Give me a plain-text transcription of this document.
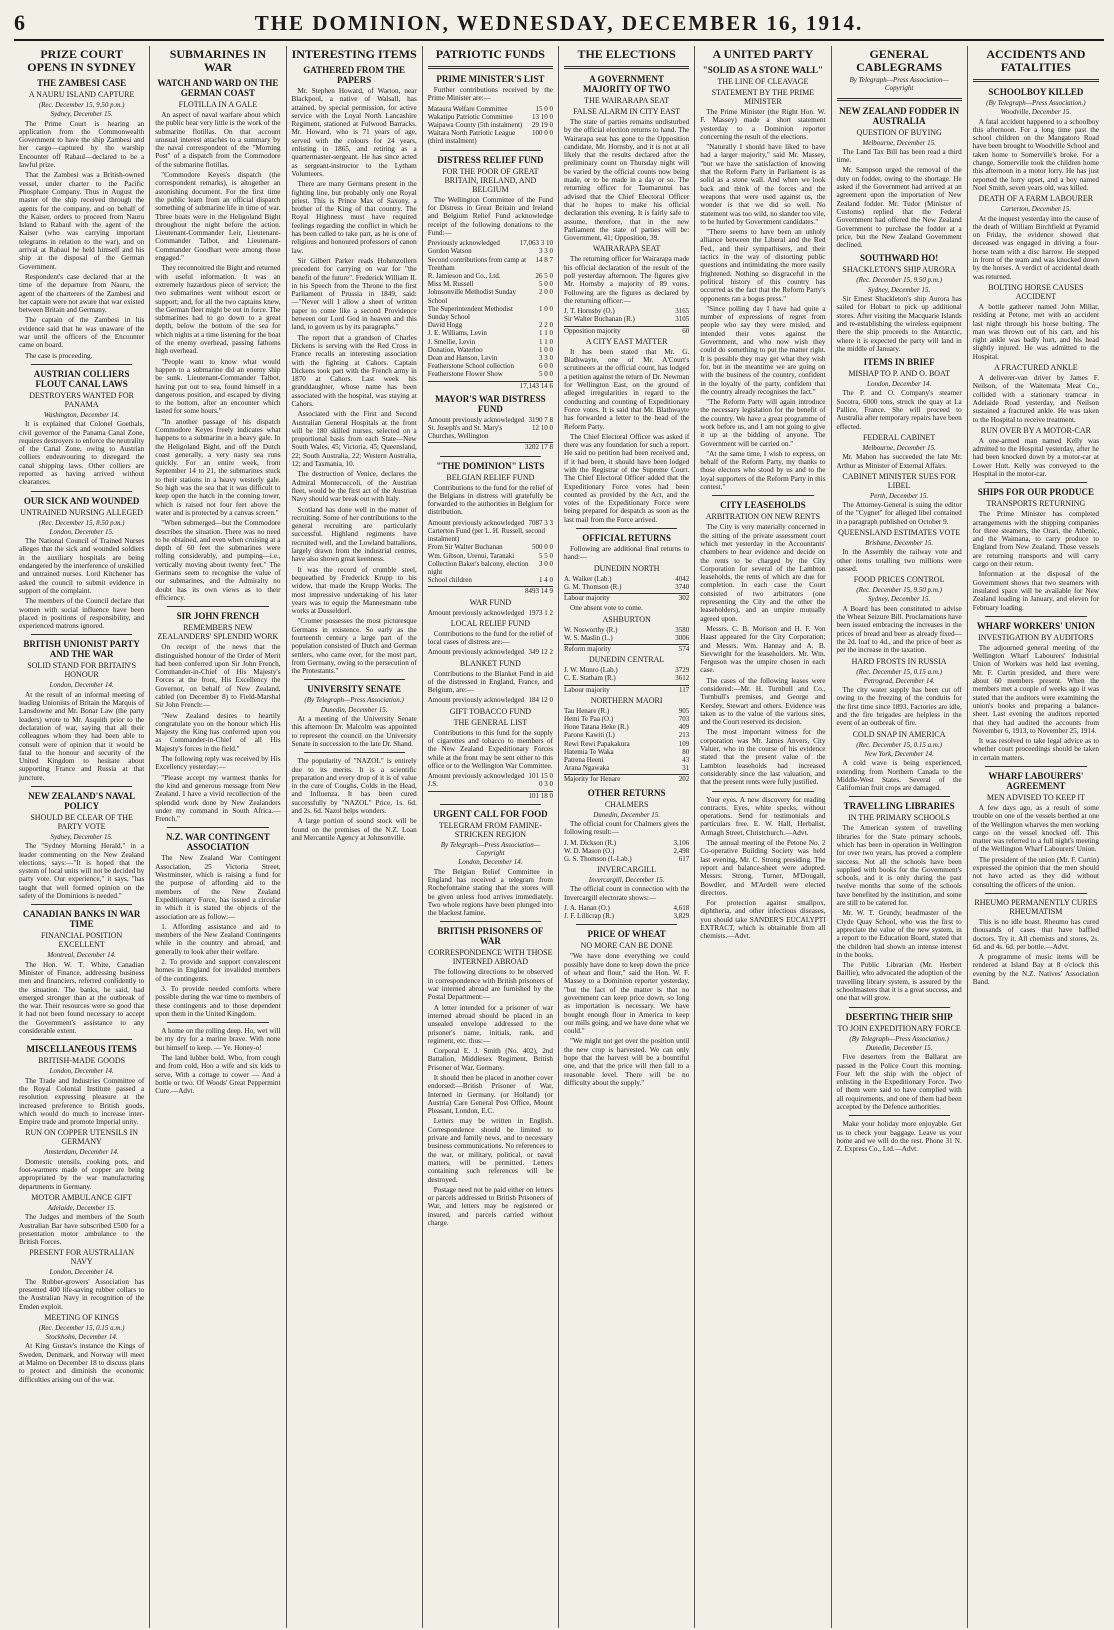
6	THE DOMINION, WEDNESDAY, DECEMBER 16, 1914.
PRIZE COURT OPENS IN SYDNEY
THE ZAMBESI CASE
A NAURU ISLAND CAPTURE
(Rec. December 15, 9.50 p.m.)
Sydney, December 15.

The Prime Court is hearing an application from the Commonwealth Government to have the ship Zambesi and her cargo—captured by the warship Encounter off Rabaul—declared to be a lawful prize.

That the Zambesi was a British-owned vessel, under charter to the Pacific Phosphate Company. Thus in August the master of the ship received through the agents for the company, and on behalf of the Kaiser, orders to proceed from Nauru Island to Rabaul with the agent of the Kaiser (who was carrying important telegrams in relation to the war), and on arrival at Rabaul he held himself and his ship at the disposal of the German Government.

Respondent's case declared that at the time of the departure from Nauru, the agent of the charterers of the Zambesi and her captain were not aware that war existed between Britain and Germany.

The captain of the Zambesi in his evidence said that he was unaware of the war until the officers of the Encounter came on board.

The case is proceeding.

AUSTRIAN COLLIERS FLOUT CANAL LAWS
DESTROYERS WANTED FOR PANAMA
Washington, December 14.

It is explained that Colonel Goethals, civil governor of the Panama Canal Zone, requires destroyers to enforce the neutrality of the Canal Zone, owing to Austrian colliers endeavouring to disregard the canal shipping laws. Other colliers are reported as having arrived without clearances.

OUR SICK AND WOUNDED
UNTRAINED NURSING ALLEGED
(Rec. December 15, 8.50 p.m.)
London, December 15.

The National Council of Trained Nurses alleges that the sick and wounded soldiers in the auxiliary hospitals are being endangered by the interference of unskilled and untrained nurses. Lord Kitchener has asked the council to submit evidence in support of the complaint.

The members of the Council declare that women with social influence have been placed in positions of responsibility, and experienced matrons ignored.

BRITISH UNIONIST PARTY AND THE WAR
SOLID STAND FOR BRITAIN'S HONOUR
London, December 14.

At the result of an informal meeting of leading Unionists of Britain the Marquis of Lansdowne and Mr. Bonar Law (the party leaders) wrote to Mr. Asquith prior to the declaration of war, saying that all their colleagues whom they had been able to consult were of opinion that it would be fatal to the honour and security of the United Kingdom to hesitate about supporting France and Russia at that juncture.

NEW ZEALAND'S NAVAL POLICY
SHOULD BE CLEAR OF THE PARTY VOTE
Sydney, December 15.

The "Sydney Morning Herald," in a leader commenting on the New Zealand elections, says:—"It is hoped that the system of local units will not be decided by party vote. Our experience," it says, "has taught that well formed opinion on the safety of the Dominions is needed."

CANADIAN BANKS IN WAR TIME
FINANCIAL POSITION EXCELLENT
Montreal, December 14.

The Hon. W. T. White, Canadian Minister of Finance, addressing business men and financiers, referred confidently to the situation. The banks, he said, had emerged stronger than at the outbreak of the war. Their resources were so good that it had not been found necessary to accept the Government's assistance to any considerable extent.

MISCELLANEOUS ITEMS
BRITISH-MADE GOODS
London, December 14.

The Trade and Industries Committee of the Royal Colonial Institute passed a resolution expressing pleasure at the increased preference to British goods, which would do much to increase inter-Empire trade and promote Imperial unity.

RUN ON COPPER UTENSILS IN GERMANY
Amsterdam, December 14.

Domestic utensils, cooking pots, and foot-warmers made of copper are being appropriated by the war manufacturing departments in Germany.

MOTOR AMBULANCE GIFT
Adelaide, December 15.

The Judges and members of the South Australian Bar have subscribed £500 for a presentation motor ambulance to the British Forces.

PRESENT FOR AUSTRALIAN NAVY
London, December 14.

The Rubber-growers' Association has presented 400 life-saving rubber collars to the Australian Navy in recognition of the Emden exploit.

MEETING OF KINGS
(Rec. December 15, 0.15 a.m.)
Stockholm, December 14.

At King Gustav's instance the Kings of Sweden, Denmark, and Norway will meet at Malmo on December 18 to discuss plans to protect and diminish the economic difficulties arising out of the war.

SUBMARINES IN WAR
WATCH AND WARD ON THE GERMAN COAST
FLOTILLA IN A GALE

An aspect of naval warfare about which the public hear very little is the work of the submarine flotillas. On that account unusual interest attaches to a summary by the naval correspondent of the "Morning Post" of a dispatch from the Commodore of the submarine flotillas.

"Commodore Keyes's dispatch (the correspondent remarks), is altogether an astonishing document. For the first time the public learn from an official dispatch something of submarine life in time of war. Three boats were in the Heligoland Bight throughout the night before the action. Lieutenant-Commander Leir, Lieutenant-Commander Talbot, and Lieutenant-Commander Goodhart were among those engaged."

They reconnoitred the Bight and returned with useful information. It was an extremely hazardous piece of service; the two submarines went without escort or support; and, for all the two captains knew, the German fleet might be out in force. The submarines had to go down to a great depth, below the bottom of the sea for which nights at a time listening for the boat of the enemy overhead, passing fathoms high overhead.

"People want to know what would happen to a submarine did an enemy ship be sunk. Lieutenant-Commander Talbot, having put out to sea, found himself in a dangerous position, and escaped by diving to the bottom, after an encounter which lasted for some hours."

"In another passage of his dispatch Commodore Keyes freely indicates what happens to a submarine in a heavy gale. In the Heligoland Bight, and off the Dutch coast generally, a very nasty sea runs quickly. For an entire week, from September 14 to 21, the submarines stuck to their stations in a heavy westerly gale. So high was the sea that it was difficult to keep open the hatch in the conning tower, which is raised not four feet above the water and is protected by a canvas screen."

"When submerged—but the Commodore describes the situation. There was no need to be obtained, and even when cruising at a depth of 60 feet the submarines were rolling considerably, and pumping—i.e., vertically moving about twenty feet." The Germans seem to recognise the value of our submarines, and the Admiralty no doubt has its own views as to their efficiency.

SIR JOHN FRENCH
REMEMBERS NEW ZEALANDERS' SPLENDID WORK

On receipt of the news that the distinguished honour of the Order of Merit had been conferred upon Sir John French, Commander-in-Chief of His Majesty's Forces at the front, His Excellency the Governor, on behalf of New Zealand, cabled (on December 8) to Field-Marshal Sir John French:—

"New Zealand desires to heartily congratulate you on the honour which His Majesty the King has conferred upon you as Commander-in-Chief of all His Majesty's forces in the field."

The following reply was received by His Excellency yesterday:—

"Please accept my warmest thanks for the kind and generous message from New Zealand. I have a vivid recollection of the splendid work done by New Zealanders under my command in South Africa.—French."

N.Z. WAR CONTINGENT ASSOCIATION

The New Zealand War Contingent Association, 25 Victoria Street, Westminster, which is raising a fund for the purpose of affording aid to the members of the New Zealand Expeditionary Force, has issued a circular in which it is stated the objects of the association are as follow:—

1. Affording assistance and aid to members of the New Zealand Contingents while in the country and abroad, and generally to look after their welfare.

2. To provide and support convalescent homes in England for invalided members of the contingents.

3. To provide needed comforts where possible during the war time to members of these contingents and to those dependent upon them in the United Kingdom.

A home on the rolling deep. Ho, wet will be my dry for a marine brave. With none but himself to keep. — Ye. Honey-o!

The land lubber bold. Who, from cough and from cold, Hoo a wife and six kids to serve, With a cottage to cower — And a bottle or two. Of Woods' Great Peppermint Cure.—Advt.

INTERESTING ITEMS
GATHERED FROM THE PAPERS

Mr. Stephen Howard, of Warton, near Blackpool, a native of Walsall, has attained, by special permission, for active service with the Loyal North Lancashire Regiment, stationed at Fulwood Barracks. Mr. Howard, who is 71 years of age, served with the colours for 24 years, enlisting in 1865, and retiring as a quartermaster-sergeant. He has since acted as sergeant-instructor to the Lytham Volunteers.

There are many Germans present in the fighting line, but probably only one Royal priest. This is Prince Max of Saxony, a brother of the King of that country. The Royal Highness must have required feelings regarding the conflict in which he has been called to take part, as he is one of religious and honoured professors of canon law.

Sir Gilbert Parker reads Hohenzollern precedent for carrying on war for "the benefit of the future". Frederick William II. in his Speech from the Throne to the first Parliament of Prussia in 1849, said:—"Never will I allow a sheet of written paper to come like a second Providence between our Lord God in heaven and this land, to govern us by its paragraphs."

The report that a grandson of Charles Dickens is serving with the Red Cross in France recalls an interesting association with the fighting at Cahors. Captain Dickens took part with the French army in 1870 at Cahors. Last week his granddaughter, whose name has been associated with the hospital, was staying at Cahors.

Associated with the First and Second Australian General Hospitals at the front will be 180 skilled nurses, selected on a proportional basis from each State—New South Wales, 45; Victoria, 45; Queensland, 22; South Australia, 22; Western Australia, 12; and Tasmania, 10.

The destruction of Venice, declares the Admiral Montecuccoli, of the Austrian fleet, would be the first act of the Austrian Navy should war break out with Italy.

Scotland has done well in the matter of recruiting. Some of her contributions to the general recruiting are particularly successful. Highland regiments have recruited well, and the Lowland battalions, largely drawn from the industrial centres, have also shown great keenness.

It was the record of crumble steel, bequeathed by Frederick Krupp to his widow, that made the Krupp Works. The most impressive undertaking of his later years was to equip the Mannesmann tube works at Dusseldorf.

"Cromer possesses the most picturesque Germans in existence. So early as the fourteenth century a large part of the population consisted of Dutch and German settlers, who came over, for the most part, from Germany, owing to the persecution of the Protestants."

UNIVERSITY SENATE
(By Telegraph—Press Association.)
Dunedin, December 15.

At a meeting of the University Senate this afternoon Dr. Malcolm was appointed to represent the council on the University Senate in succession to the late Dr. Shand.

The popularity of "NAZOL" is entirely due to its merits. It is a scientific preparation and every drop of it is of value in the cure of Coughs, Colds in the Head, and Influenza. It has been cured successfully by "NAZOL" Price, 1s. 6d. and 2s. 6d. Nazol helps wonders.

A large portion of sound stock will be found on the premises of the N.Z. Loan and Mercantile Agency at Johnsonville.

PATRIOTIC FUNDS
PRIME MINISTER'S LIST

Further contributions received by the Prime Minister are:—

Mataura Welfare Committee	15 0 0
Wakatipu Patriotic Committee	13 10 0
Waipawa County (5th instalment)	29 19 0
Waitara North Patriotic League (third instalment)
100 0 0
DISTRESS RELIEF FUND
FOR THE POOR OF GREAT BRITAIN, IRELAND, AND BELGIUM

The Wellington Committee of the Fund for Distress in Great Britain and Ireland and Belgium Relief Fund acknowledge receipt of the following donations to the Fund:—

Previously acknowledged	17,063 3 10
Gordon Watson	3 3 0
Second contributions from camp at Trentham
14 8 7
R. Jamieson and Co., Ltd.	26 5 0
Miss M. Russell	5 0 0
Johnsonville Methodist Sunday School
2 0 0
The Superintendent Methodist Sunday School
1 0 0
David Hogg	2 2 0
J. E. Williams, Levin	1 1 0
J. Smellie, Levin	1 1 0
Donation, Waterloo	1 0 0
Dean and Hanson, Levin	3 3 0
Featherstone School collection	6 0 0
Featherstone Flower Show	5 0 0
17,143 14 6
MAYOR'S WAR DISTRESS FUND
Amount previously acknowledged 3190 7 8
St. Joseph's and St. Mary's Churches, Wellington
12 10 0
3202 17 8
"THE DOMINION" LISTS
BELGIAN RELIEF FUND

Contributions to the fund for the relief of the Belgians in distress will gratefully be forwarded to the authorities in Belgium for distribution.

Amount previously acknowledged 7087 3 3
Carterton Fund (per L. H. Russell, second instalment)
From Sir Walter Buchanan	500 0 0
Wm. Gibson, Urenui, Taranaki	5 5 0
Collection Baker's balcony, election night
3 0 0
School children	1 4 0
8493 14 9
WAR FUND
Amount previously acknowledged 1973 1 2
LOCAL RELIEF FUND

Contributions to the fund for the relief of local cases of distress are:—

Amount previously acknowledged 349 12 2
BLANKET FUND

Contributions to the Blanket Fund in aid of the distressed in England, France, and Belgium, are:—

Amount previously acknowledged 184 12 0
GIFT TOBACCO FUND
THE GENERAL LIST

Contributions to this fund for the supply of cigarettes and tobacco to members of the New Zealand Expeditionary Forces while at the front may be sent either to this office or to the Wellington War Committee.

Amount previously acknowledged 101 15 0
J.S.	0 3 0
101 18 0
URGENT CALL FOR FOOD
TELEGRAM FROM FAMINE-STRICKEN REGION
By Telegraph—Press Association—Copyright
London, December 14.

The Belgian Relief Committee in England has received a telegram from Rochefontaine stating that the stores will be given unless food arrives immediately. Two whole regions have been plunged into the blackest famine.

BRITISH PRISONERS OF WAR
CORRESPONDENCE WITH THOSE INTERNED ABROAD

The following directions to be observed in correspondence with British prisoners of war interned abroad are furnished by the Postal Department:—

A letter intended for a prisoner of war interned abroad should be placed in an unsealed envelope addressed to the prisoner's name, initials, rank, and regiment, etc. thus:—

Corporal E. J. Smith (No. 402), 2nd Battalion, Middlesex Regiment, British Prisoner of War, Germany.

It should then be placed in another cover endorsed:—British Prisoner of War, Interned in Germany. (or Holland) (or Austria) Care General Post Office, Mount Pleasant, London, E.C.

Letters may be written in English. Correspondence should be limited to private and family news, and to necessary business communications. No references to the war, or military, political, or naval matters, will be permitted. Letters containing such references will be destroyed.

Postage need not be paid either on letters or parcels addressed to British Prisoners of War, and letters may be registered or insured, and parcels carried without charge.

THE ELECTIONS
A GOVERNMENT MAJORITY OF TWO
THE WAIRARAPA SEAT
FALSE ALARM IN CITY EAST

The state of parties remains undisturbed by the official election returns to hand. The Wairarapa seat has gone to the Opposition candidate, Mr. Hornsby, and it is not at all likely that the results declared after the preliminary count on Thursday night will be varied by the official counts now being made, or to be made in a day or so. The returning officer for Taumarunui has advised that the Chief Electoral Officer that he hopes to make his official declaration this evening. It is fairly safe to assume, therefore, that in the new Parliament the state of parties will be: Government, 41; Opposition, 39.

WAIRARAPA SEAT

The returning officer for Wairarapa made his official declaration of the result of the poll yesterday afternoon. The figures give Mr. Hornsby a majority of 89 votes. Following are the figures as declared by the returning officer:—

J. T. Hornsby (O.)	3165
Sir Walter Buchanan (R.)	3105
Opposition majority	60
A CITY EAST MATTER

It has been stated that Mr. G. Blathwayte, one of Mr. A'Court's scrutineers at the official count, has lodged a petition against the return of Dr. Newman for Wellington East, on the ground of alleged irregularities in regard to the conducting and counting of Expeditionary Force votes. It is said that Mr. Blathwayte has forwarded a letter to the head of the Reform Party.

The Chief Electoral Officer was asked if there was any foundation for such a report. He said no petition had been received and, if it had been, it should have been lodged with the Registrar of the Supreme Court. The Chief Electoral Officer added that the Expeditionary Force votes had been counted as provided by the Act, and the votes of the Expeditionary Force were being prepared for despatch as soon as the last mail from the Force arrived.

OFFICIAL RETURNS

Following are additional final returns to hand:—

DUNEDIN NORTH
A. Walker (Lab.)	4042
G. M. Thomson (R.)	3740
Labour majority	302

One absent vote to come.

ASHBURTON
W. Nosworthy (R.)	3580
W. S. Maslin (L.)	3006
Reform majority	574
DUNEDIN CENTRAL
J. W. Munro (Lab.)	3729
C. E. Statham (R.)	3612
Labour majority	117
NORTHERN MAORI
Tau Henare (R.)	905
Hemi Te Paa (O.)	703
Hone Tatana Heke (R.)	409
Parone Kawiti (I.)	213
Rewi Rewi Papakakura	109
Hatemia Te Waka	80
Patrena Heeni	43
Arana Ngawaka	31
Majority for Henare	202
OTHER RETURNS
CHALMERS
Dunedin, December 15.

The official count for Chalmers gives the following result:—

J. M. Dickson (R.)	3,106
W. D. Mason (O.)	2,498
G. S. Thomson (I.-Lab.)	617
INVERCARGILL
Invercargill, December 15.

The official count in connection with the Invercargill electorate shows:—

J. A. Hanan (O.)	4,618
J. F. Lillicrap (R.)	3,829
PRICE OF WHEAT
NO MORE CAN BE DONE

"We have done everything we could possibly have done to keep down the price of wheat and flour," said the Hon. W. F. Massey to a Dominion reporter yesterday, "but the fact of the matter is that no government can keep price down, so long as importation is necessary. We have bought enough flour in America to keep our mills going, and we have done what we could."

"We might not get over the position until the new crop is harvested. We can only hope that the harvest will be a bountiful one, and that the price will then fall to a reasonable level. There will be no difficulty about the supply."

A UNITED PARTY
"SOLID AS A STONE WALL"
THE LINE OF CLEAVAGE
STATEMENT BY THE PRIME MINISTER

The Prime Minister (the Right Hon. W. F. Massey) made a short statement yesterday to a Dominion reporter concerning the result of the elections.

"Naturally I should have liked to have had a larger majority," said Mr. Massey, "but we have the satisfaction of knowing that the Reform Party in Parliament is as solid as a stone wall. And when we look back and think of the forces and the weapons that were used against us, the wonder is that we did so well. No statement was too wild, no slander too vile, to be hurled by Government candidates."

"There seems to have been an unholy alliance between the Liberal and the Red Fed., and their sympathisers, and their tactics in the way of distorting public questions and intimidating the more easily frightened. Nothing so disgraceful in the political history of this country has occurred as the fact that the Reform Party's opponents ran a bogus press."

"Since polling day I have had quite a number of expressions of regret from people who say they were misled, and intended their votes against the Government, and who now wish they could do something to put the matter right. It is possible they may get what they wish for, but in the meantime we are going on with the business of the country, confident in the loyalty of the party, confident that the country already recognises the fact."

"The Reform Party will again introduce the necessary legislation for the benefit of the country. We have a great programme of work before us, and I am not going to give it up at the bidding of anyone. The Government will be carried on."

"At the same time, I wish to express, on behalf of the Reform Party, my thanks to those electors who stood by us and to the loyal supporters of the Reform Party in this contest."

CITY LEASEHOLDS
ARBITRATION ON NEW RENTS

The City is very materially concerned in the sitting of the private assessment court which met yesterday in the Accountants' chambers to hear evidence and decide on the rents to be charged by the City Corporation for several of the Lambton leaseholds, the rents of which are due for completion. In each case the Court consisted of two arbitrators (one representing the City and the other the leaseholders), and an umpire mutually agreed upon.

Messrs. C. B. Morison and H. F. Von Haast appeared for the City Corporation; and Messrs. Wm. Hannay and A. B. Sievwright for the leaseholders. Mr. Wm. Ferguson was the umpire chosen in each case.

The cases of the following leases were considered:—Mr. H. Turnbull and Co., Turnbull's premises, and George and Kersley, Stewart and others. Evidence was taken as to the value of the various sites, and the Court reserved its decision.

The most important witness for the corporation was Mr. James Anvers, City Valuer, who in the course of his evidence stated that the present value of the Lambton leaseholds had increased considerably since the last valuation, and that the present rents were fully justified.

Your eyes. A new discovery for reading contracts. Eyes, white specks, without operations. Send for testimonials and particulars free. E. W. Hall, Herbalist, Armagh Street, Christchurch.—Advt.

The annual meeting of the Petone No. 2 Co-operative Building Society was held last evening, Mr. C. Strong presiding. The report and balance-sheet were adopted. Messrs. Strong, Turner, M'Dougall, Bowdler, and M'Ardell were elected directors.

For protection against smallpox, diphtheria, and other infectious diseases, you should take SANDER'S EUCALYPTI EXTRACT, which is obtainable from all chemists.—Advt.

GENERAL CABLEGRAMS
By Telegraph—Press Association—Copyright
NEW ZEALAND FODDER IN AUSTRALIA
QUESTION OF BUYING
Melbourne, December 15.

The Land Tax Bill has been read a third time.

Mr. Sampson urged the removal of the duty on fodder, owing to the shortage. He asked if the Government had arrived at an agreement upon the importation of New Zealand fodder. Mr. Tudor (Minister of Customs) replied that the Federal Government had offered the New Zealand Government to purchase the fodder at a price, but the New Zealand Government declined.

SOUTHWARD HO!
SHACKLETON'S SHIP AURORA
(Rec. December 15, 9.50 p.m.)
Sydney, December 15.

Sir Ernest Shackleton's ship Aurora has sailed for Hobart to pick up additional stores. After visiting the Macquarie Islands and re-establishing the wireless equipment there the ship proceeds to the Antarctic, where it is expected the party will land in the middle of January.

ITEMS IN BRIEF
MISHAP TO P. AND O. BOAT
London, December 14.

The P. and O. Company's steamer Socotra, 6000 tons, struck the quay at La Pallice, France. She will proceed to Australia after temporary repairs have been effected.

FEDERAL CABINET
Melbourne, December 15.

Mr. Mahon has succeeded the late Mr. Arthur as Minister of External Affairs.

CABINET MINISTER SUES FOR LIBEL
Perth, December 15.

The Attorney-General is suing the editor of the "Cygnet" for alleged libel contained in a paragraph published on October 9.

QUEENSLAND ESTIMATES VOTE
Brisbane, December 15.

In the Assembly the railway vote and other items totalling two millions were passed.

FOOD PRICES CONTROL
(Rec. December 15, 9.50 p.m.)
Sydney, December 15.

A Board has been constituted to advise the Wheat Seizure Bill. Proclamations have been issued embracing the increases in the prices of bread and beer as already fixed—the 2d. loaf to 4d., and the price of beer as per the increase in the taxation.

HARD FROSTS IN RUSSIA
(Rec. December 15, 0.15 a.m.)
Petrograd, December 14.

The city water supply has been cut off owing to the freezing of the conduits for the first time since 1893. Factories are idle, and the fire brigades are helpless in the event of an outbreak of fire.

COLD SNAP IN AMERICA
(Rec. December 15, 0.15 a.m.)
New York, December 14.

A cold wave is being experienced, extending from Northern Canada to the Middle-West States. Several of the Californian fruit crops are damaged.

TRAVELLING LIBRARIES
IN THE PRIMARY SCHOOLS

The American system of travelling libraries for the State primary schools, which has been in operation in Wellington for over two years, has proved a complete success. Not all the schools have been supplied with books for the Government's schools, and it is only during the past twelve months that some of the schools have benefited by the institution, and some are still to be catered for.

Mr. W. T. Grundy, headmaster of the Clyde Quay School, who was the first to appreciate the value of the new system, in a report to the Education Board, stated that the children had shown an intense interest in the books.

The Public Librarian (Mr. Herbert Baillie), who advocated the adoption of the travelling library system, is assured by the schoolmasters that it is a great success, and one that will grow.

DESERTING THEIR SHIP
TO JOIN EXPEDITIONARY FORCE
(By Telegraph—Press Association.)
Dunedin, December 15.

Five deserters from the Ballarat are passed in the Police Court this morning. Four left the ship with the object of enlisting in the Expeditionary Force. Two of them were said to have complied with all requirements, and one of them had been accepted by the Defence authorities.

Make your holiday more enjoyable. Get us to check your baggage. Leave us your home and we will do the rest. Phone 31 N. Z. Express Co., Ltd.—Advt.

ACCIDENTS AND FATALITIES
SCHOOLBOY KILLED
(By Telegraph—Press Association.)
Woodville, December 15.

A fatal accident happened to a schoolboy this afternoon. For a long time past the school children on the Mangatoro Road have been brought to Woodville School and taken home to Somerville's broke. For a change, Somerville took the children home this afternoon in a motor lorry. He has just reported the lorry upset, and a boy named Noel Smith, seven years old, was killed.

DEATH OF A FARM LABOURER
Carterton, December 15.

At the inquest yesterday into the cause of the death of William Birchfield at Pyramid on Friday, the evidence showed that deceased was engaged in driving a four-horse team with a disc harrow. He stepped in front of the team and was knocked down by the horses. A verdict of accidental death was returned.

BOLTING HORSE CAUSES ACCIDENT

A bottle gatherer named John Millar, residing at Petone, met with an accident last night through his horse bolting. The man was thrown out of his cart, and his right ankle was badly hurt, and his head slightly injured. He was admitted to the Hospital.

A FRACTURED ANKLE

A deliverer-van driver by James F. Neilson, of the Waitemata Meat Co., collided with a stationary tramcar in Adelaide Road yesterday, and Neilson sustained a fractured ankle. He was taken to the Hospital to receive treatment.

RUN OVER BY A MOTOR-CAR

A one-armed man named Kelly was admitted to the Hospital yesterday, after he had been knocked down by a motor-car at Lower Hutt. Kelly was conveyed to the Hospital in the motor-car.

SHIPS FOR OUR PRODUCE
TRANSPORTS RETURNING

The Prime Minister has completed arrangements with the shipping companies for three steamers, the Orari, the Athenic, and the Waimana, to carry produce to England from New Zealand. These vessels are returning transports and will carry cargo on their return.

Information at the disposal of the Government shows that two steamers with insulated space will be available for New Zealand loading in January, and eleven for February loading.

WHARF WORKERS' UNION
INVESTIGATION BY AUDITORS

The adjourned general meeting of the Wellington Wharf Labourers' Industrial Union of Workers was held last evening, Mr. F. Curtin presided, and there were about 60 members present. When the members met a couple of weeks ago it was stated that the auditors were examining the union's books and preparing a balance-sheet. Last evening the auditors reported that they had audited the accounts from November 6, 1913, to November 25, 1914.

It was resolved to take legal advice as to whether court proceedings should be taken in certain matters.

WHARF LABOURERS' AGREEMENT
MEN ADVISED TO KEEP IT

A few days ago, as a result of some trouble on one of the vessels berthed at one of the Wellington wharves the men working cargo on the vessel knocked off. This matter was referred to a full night's meeting of the Wellington Wharf Labourers' Union.

The president of the union (Mr. F. Curtin) expressed the opinion that the men should not have acted as they did without consulting the officers of the union.

RHEUMO PERMANENTLY CURES RHEUMATISM

This is no idle boast. Rheumo has cured thousands of cases that have baffled doctors. Try it. All chemists and stores, 2s. 6d. and 4s. 6d. per bottle.—Advt.

A programme of music items will be rendered at Island Bay at 8 o'clock this evening by the N.Z. Natives' Association Band.
